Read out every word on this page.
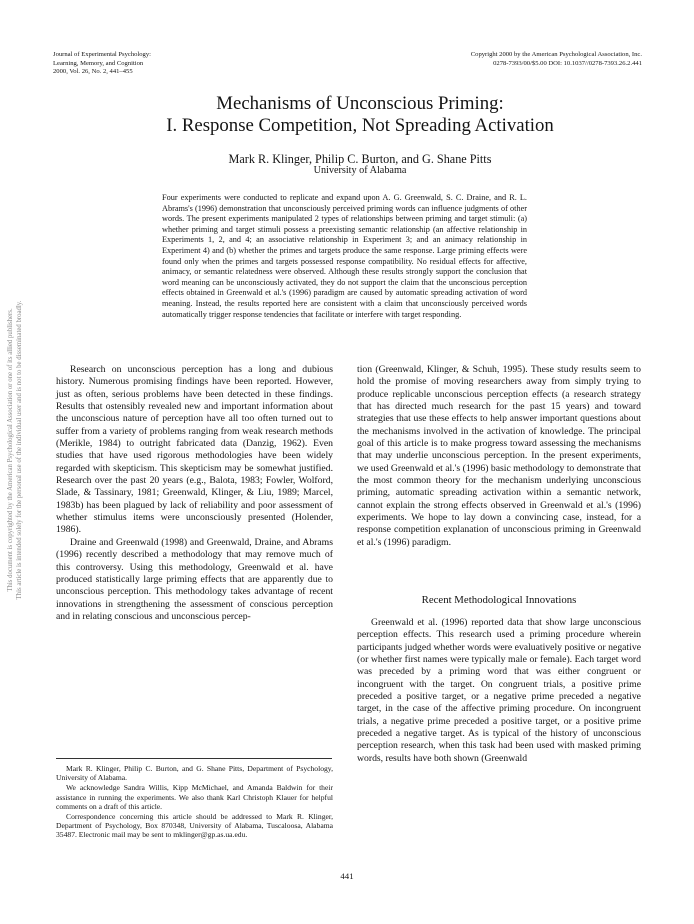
Journal of Experimental Psychology:
Learning, Memory, and Cognition
2000, Vol. 26, No. 2, 441–455
Copyright 2000 by the American Psychological Association, Inc.
0278-7393/00/$5.00 DOI: 10.1037//0278-7393.26.2.441
Mechanisms of Unconscious Priming:
I. Response Competition, Not Spreading Activation
Mark R. Klinger, Philip C. Burton, and G. Shane Pitts
University of Alabama
Four experiments were conducted to replicate and expand upon A. G. Greenwald, S. C. Draine, and R. L. Abrams's (1996) demonstration that unconsciously perceived priming words can influence judgments of other words. The present experiments manipulated 2 types of relationships between priming and target stimuli: (a) whether priming and target stimuli possess a preexisting semantic relationship (an affective relationship in Experiments 1, 2, and 4; an associative relationship in Experiment 3; and an animacy relationship in Experiment 4) and (b) whether the primes and targets produce the same response. Large priming effects were found only when the primes and targets possessed response compatibility. No residual effects for affective, animacy, or semantic relatedness were observed. Although these results strongly support the conclusion that word meaning can be unconsciously activated, they do not support the claim that the unconscious perception effects obtained in Greenwald et al.'s (1996) paradigm are caused by automatic spreading activation of word meaning. Instead, the results reported here are consistent with a claim that unconsciously perceived words automatically trigger response tendencies that facilitate or interfere with target responding.

Research on unconscious perception has a long and dubious history. Numerous promising findings have been reported. However, just as often, serious problems have been detected in these findings. Results that ostensibly revealed new and important information about the unconscious nature of perception have all too often turned out to suffer from a variety of problems ranging from weak research methods (Merikle, 1984) to outright fabricated data (Danzig, 1962). Even studies that have used rigorous methodologies have been widely regarded with skepticism. This skepticism may be somewhat justified. Research over the past 20 years (e.g., Balota, 1983; Fowler, Wolford, Slade, & Tassinary, 1981; Greenwald, Klinger, & Liu, 1989; Marcel, 1983b) has been plagued by lack of reliability and poor assessment of whether stimulus items were unconsciously presented (Holender, 1986).

Draine and Greenwald (1998) and Greenwald, Draine, and Abrams (1996) recently described a methodology that may remove much of this controversy. Using this methodology, Greenwald et al. have produced statistically large priming effects that are apparently due to unconscious perception. This methodology takes advantage of recent innovations in strengthening the assessment of conscious perception and in relating conscious and unconscious percep-

tion (Greenwald, Klinger, & Schuh, 1995). These study results seem to hold the promise of moving researchers away from simply trying to produce replicable unconscious perception effects (a research strategy that has directed much research for the past 15 years) and toward strategies that use these effects to help answer important questions about the mechanisms involved in the activation of knowledge. The principal goal of this article is to make progress toward assessing the mechanisms that may underlie unconscious perception. In the present experiments, we used Greenwald et al.'s (1996) basic methodology to demonstrate that the most common theory for the mechanism underlying unconscious priming, automatic spreading activation within a semantic network, cannot explain the strong effects observed in Greenwald et al.'s (1996) experiments. We hope to lay down a convincing case, instead, for a response competition explanation of unconscious priming in Greenwald et al.'s (1996) paradigm.

Recent Methodological Innovations

Greenwald et al. (1996) reported data that show large unconscious perception effects. This research used a priming procedure wherein participants judged whether words were evaluatively positive or negative (or whether first names were typically male or female). Each target word was preceded by a priming word that was either congruent or incongruent with the target. On congruent trials, a positive prime preceded a positive target, or a negative prime preceded a negative target, in the case of the affective priming procedure. On incongruent trials, a negative prime preceded a positive target, or a positive prime preceded a negative target. As is typical of the history of unconscious perception research, when this task had been used with masked priming words, results have both shown (Greenwald

Mark R. Klinger, Philip C. Burton, and G. Shane Pitts, Department of Psychology, University of Alabama.

We acknowledge Sandra Willis, Kipp McMichael, and Amanda Baldwin for their assistance in running the experiments. We also thank Karl Christoph Klauer for helpful comments on a draft of this article.

Correspondence concerning this article should be addressed to Mark R. Klinger, Department of Psychology, Box 870348, University of Alabama, Tuscaloosa, Alabama 35487. Electronic mail may be sent to mklinger@gp.as.ua.edu.

441
This document is copyrighted by the American Psychological Association or one of its allied publishers. This article is intended solely for the personal use of the individual user and is not to be disseminated broadly.
